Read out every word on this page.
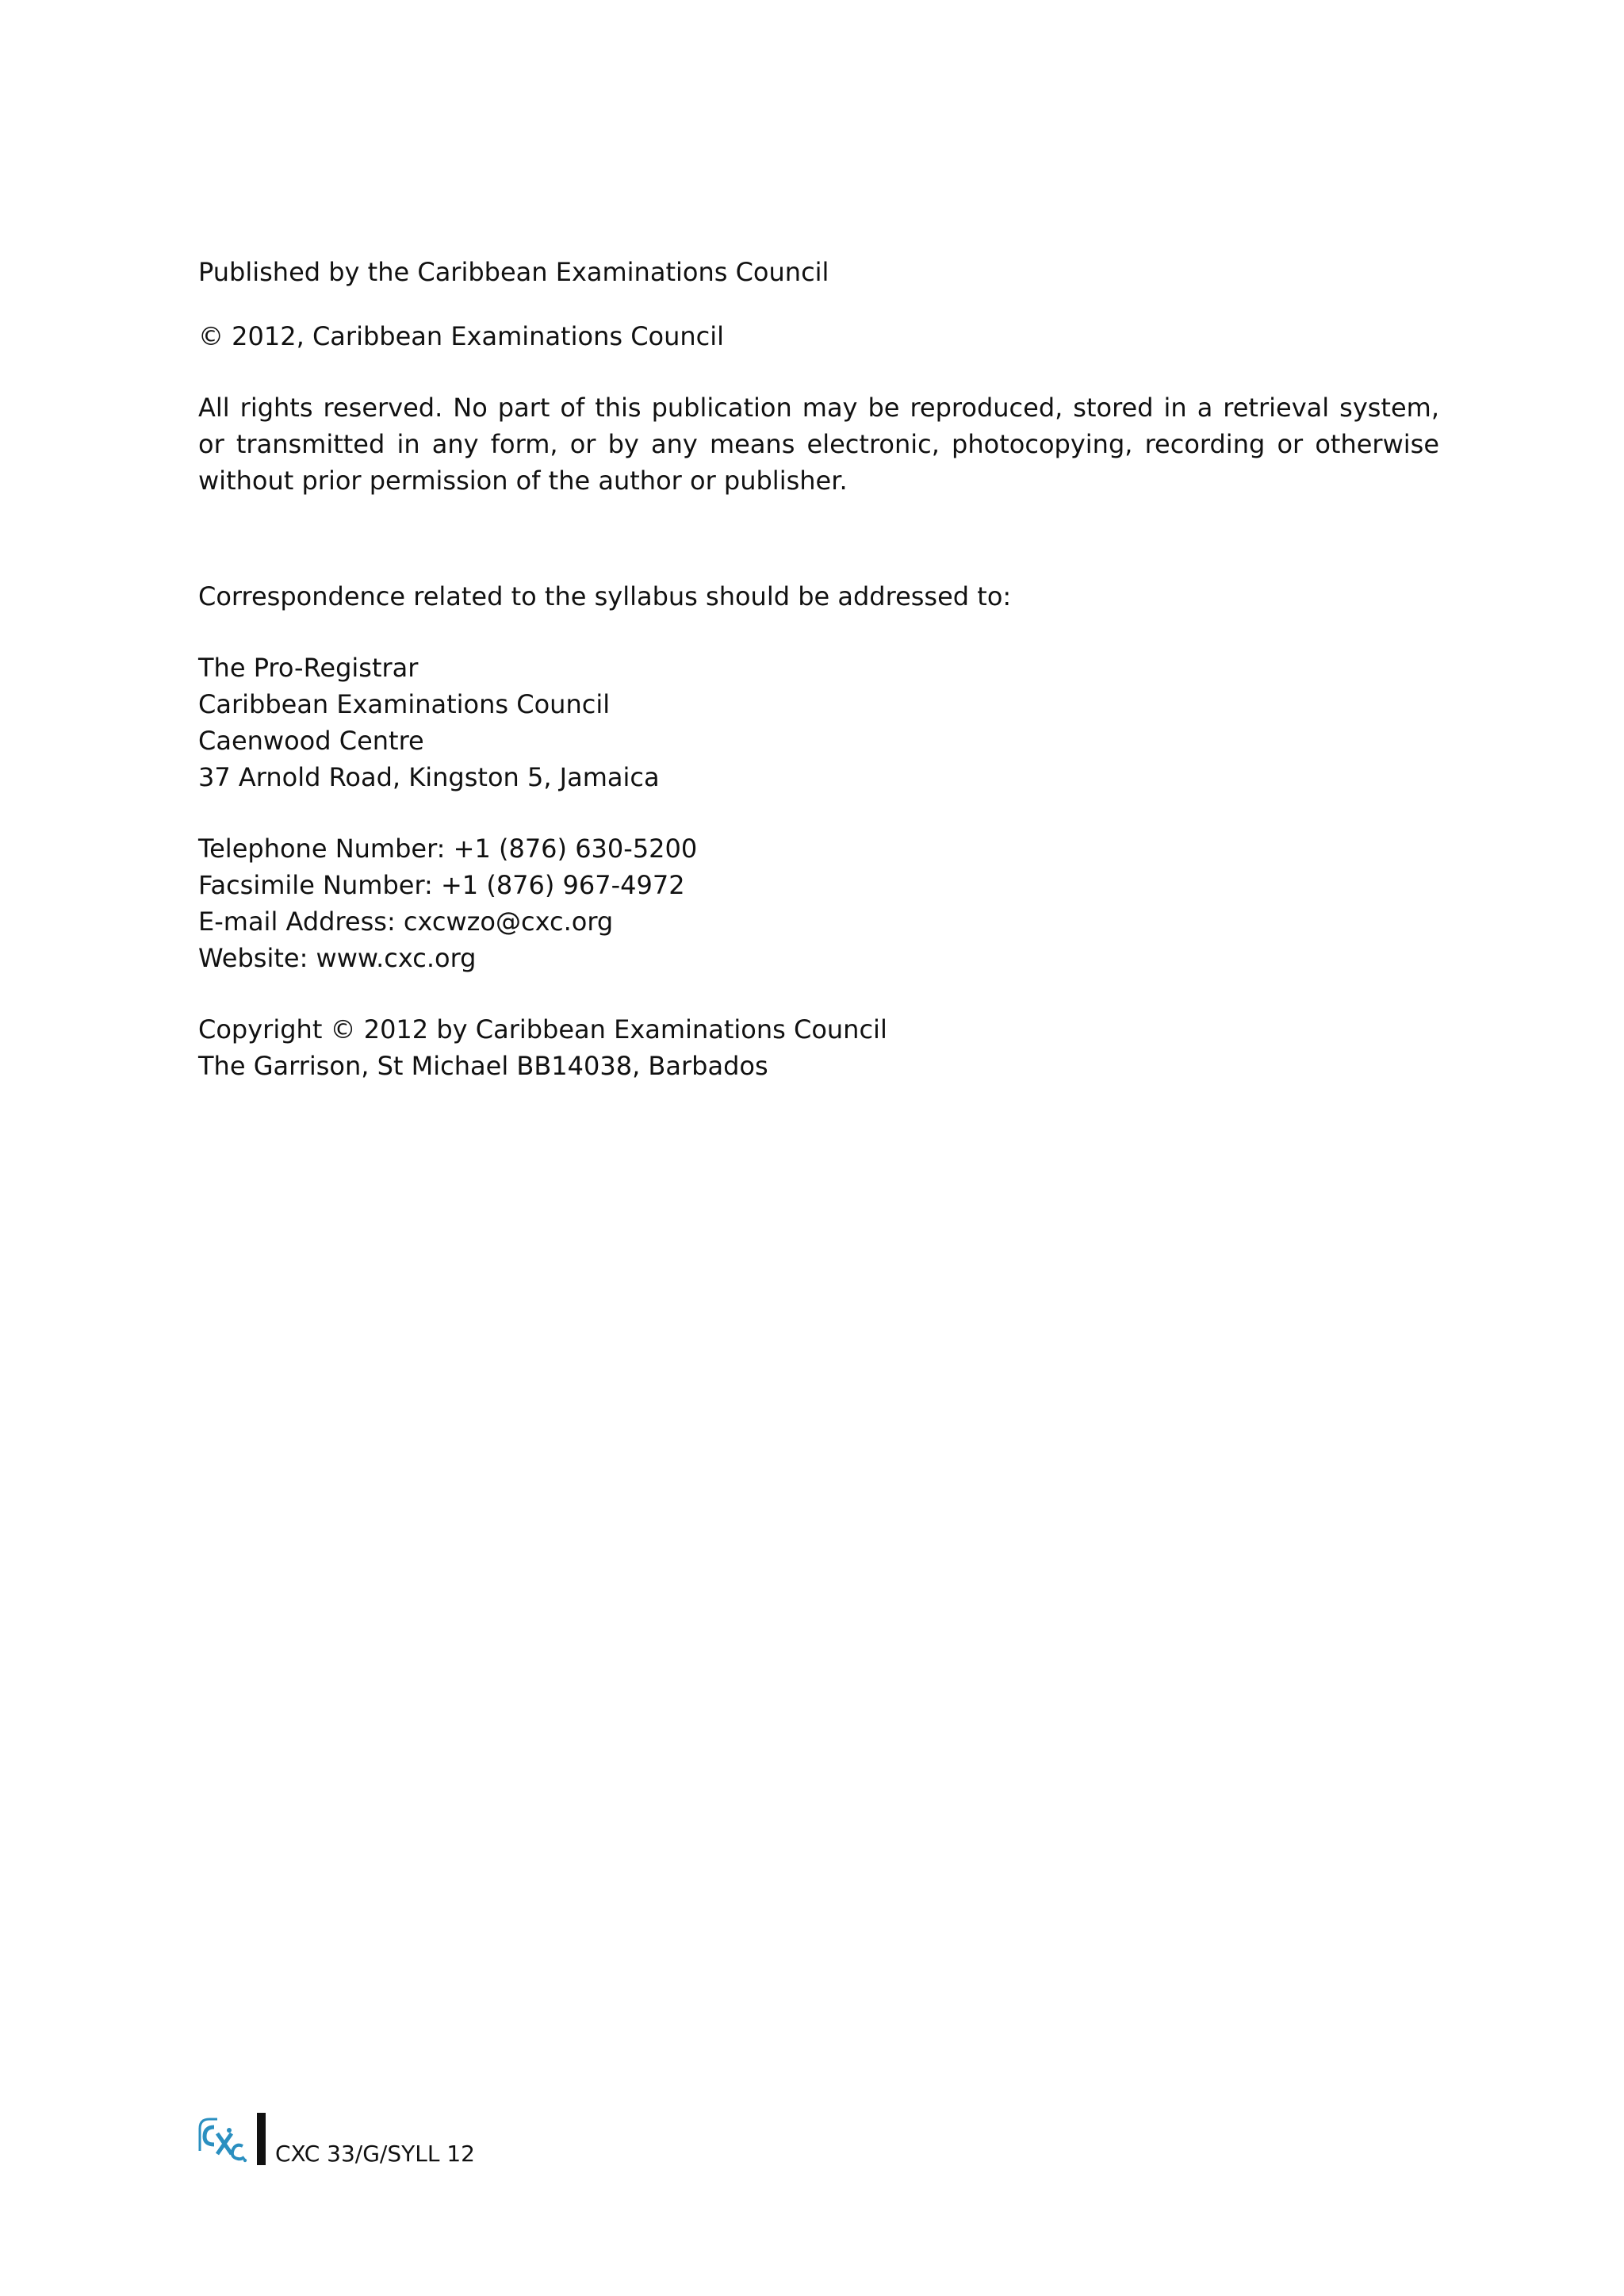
Published by the Caribbean Examinations Council

© 2012, Caribbean Examinations Council

All rights reserved. No part of this publication may be reproduced, stored in a retrieval system, or transmitted in any form, or by any means electronic, photocopying, recording or otherwise without prior permission of the author or publisher.

Correspondence related to the syllabus should be addressed to:

The Pro-Registrar
Caribbean Examinations Council
Caenwood Centre
37 Arnold Road, Kingston 5, Jamaica
Telephone Number: +1 (876) 630-5200
Facsimile Number: +1 (876) 967-4972
E-mail Address: cxcwzo@cxc.org
Website: www.cxc.org
Copyright © 2012 by Caribbean Examinations Council
The Garrison, St Michael BB14038, Barbados
CXC 33/G/SYLL 12
